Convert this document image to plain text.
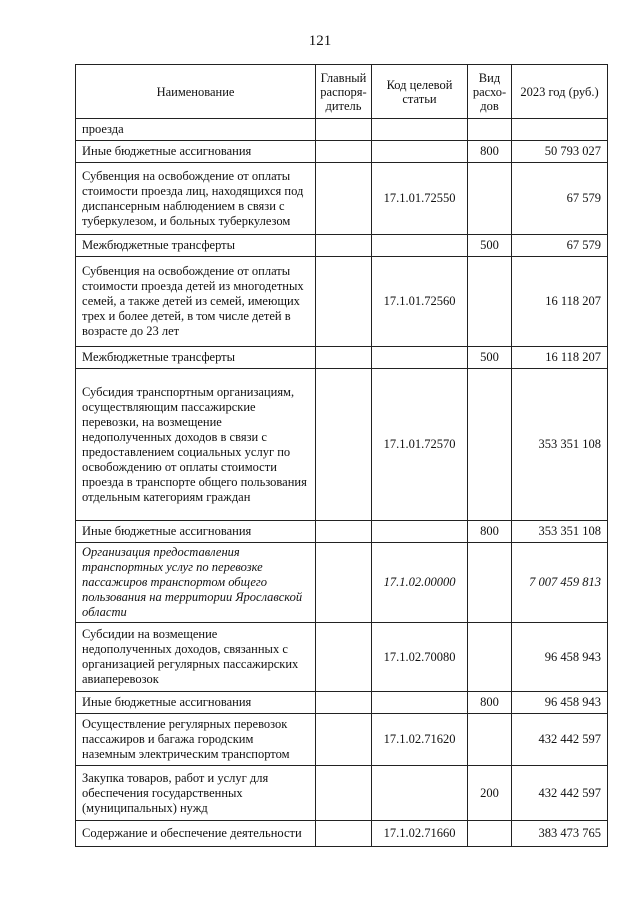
121
Наименование	Главный распоря-дитель	Код целевой статьи	Вид расхо-дов	2023 год (руб.)
проезда				
Иные бюджетные ассигнования			800	50 793 027
Субвенция на освобождение от оплаты стоимости проезда лиц, находящихся под диспансерным наблюдением в связи с туберкулезом, и больных туберкулезом		17.1.01.72550		67 579
Межбюджетные трансферты			500	67 579
Субвенция на освобождение от оплаты стоимости проезда детей из многодетных семей, а также детей из семей, имеющих трех и более детей, в том числе детей в возрасте до 23 лет		17.1.01.72560		16 118 207
Межбюджетные трансферты			500	16 118 207
Субсидия транспортным организациям, осуществляющим пассажирские перевозки, на возмещение недополученных доходов в связи с предоставлением социальных услуг по освобождению от оплаты стоимости проезда в транспорте общего пользования отдельным категориям граждан		17.1.01.72570		353 351 108
Иные бюджетные ассигнования			800	353 351 108
Организация предоставления транспортных услуг по перевозке пассажиров транспортом общего пользования на территории Ярославской области		17.1.02.00000		7 007 459 813
Субсидии на возмещение недополученных доходов, связанных с организацией регулярных пассажирских авиаперевозок		17.1.02.70080		96 458 943
Иные бюджетные ассигнования			800	96 458 943
Осуществление регулярных перевозок пассажиров и багажа городским наземным электрическим транспортом		17.1.02.71620		432 442 597
Закупка товаров, работ и услуг для обеспечения государственных (муниципальных) нужд			200	432 442 597
Содержание и обеспечение деятельности		17.1.02.71660		383 473 765
